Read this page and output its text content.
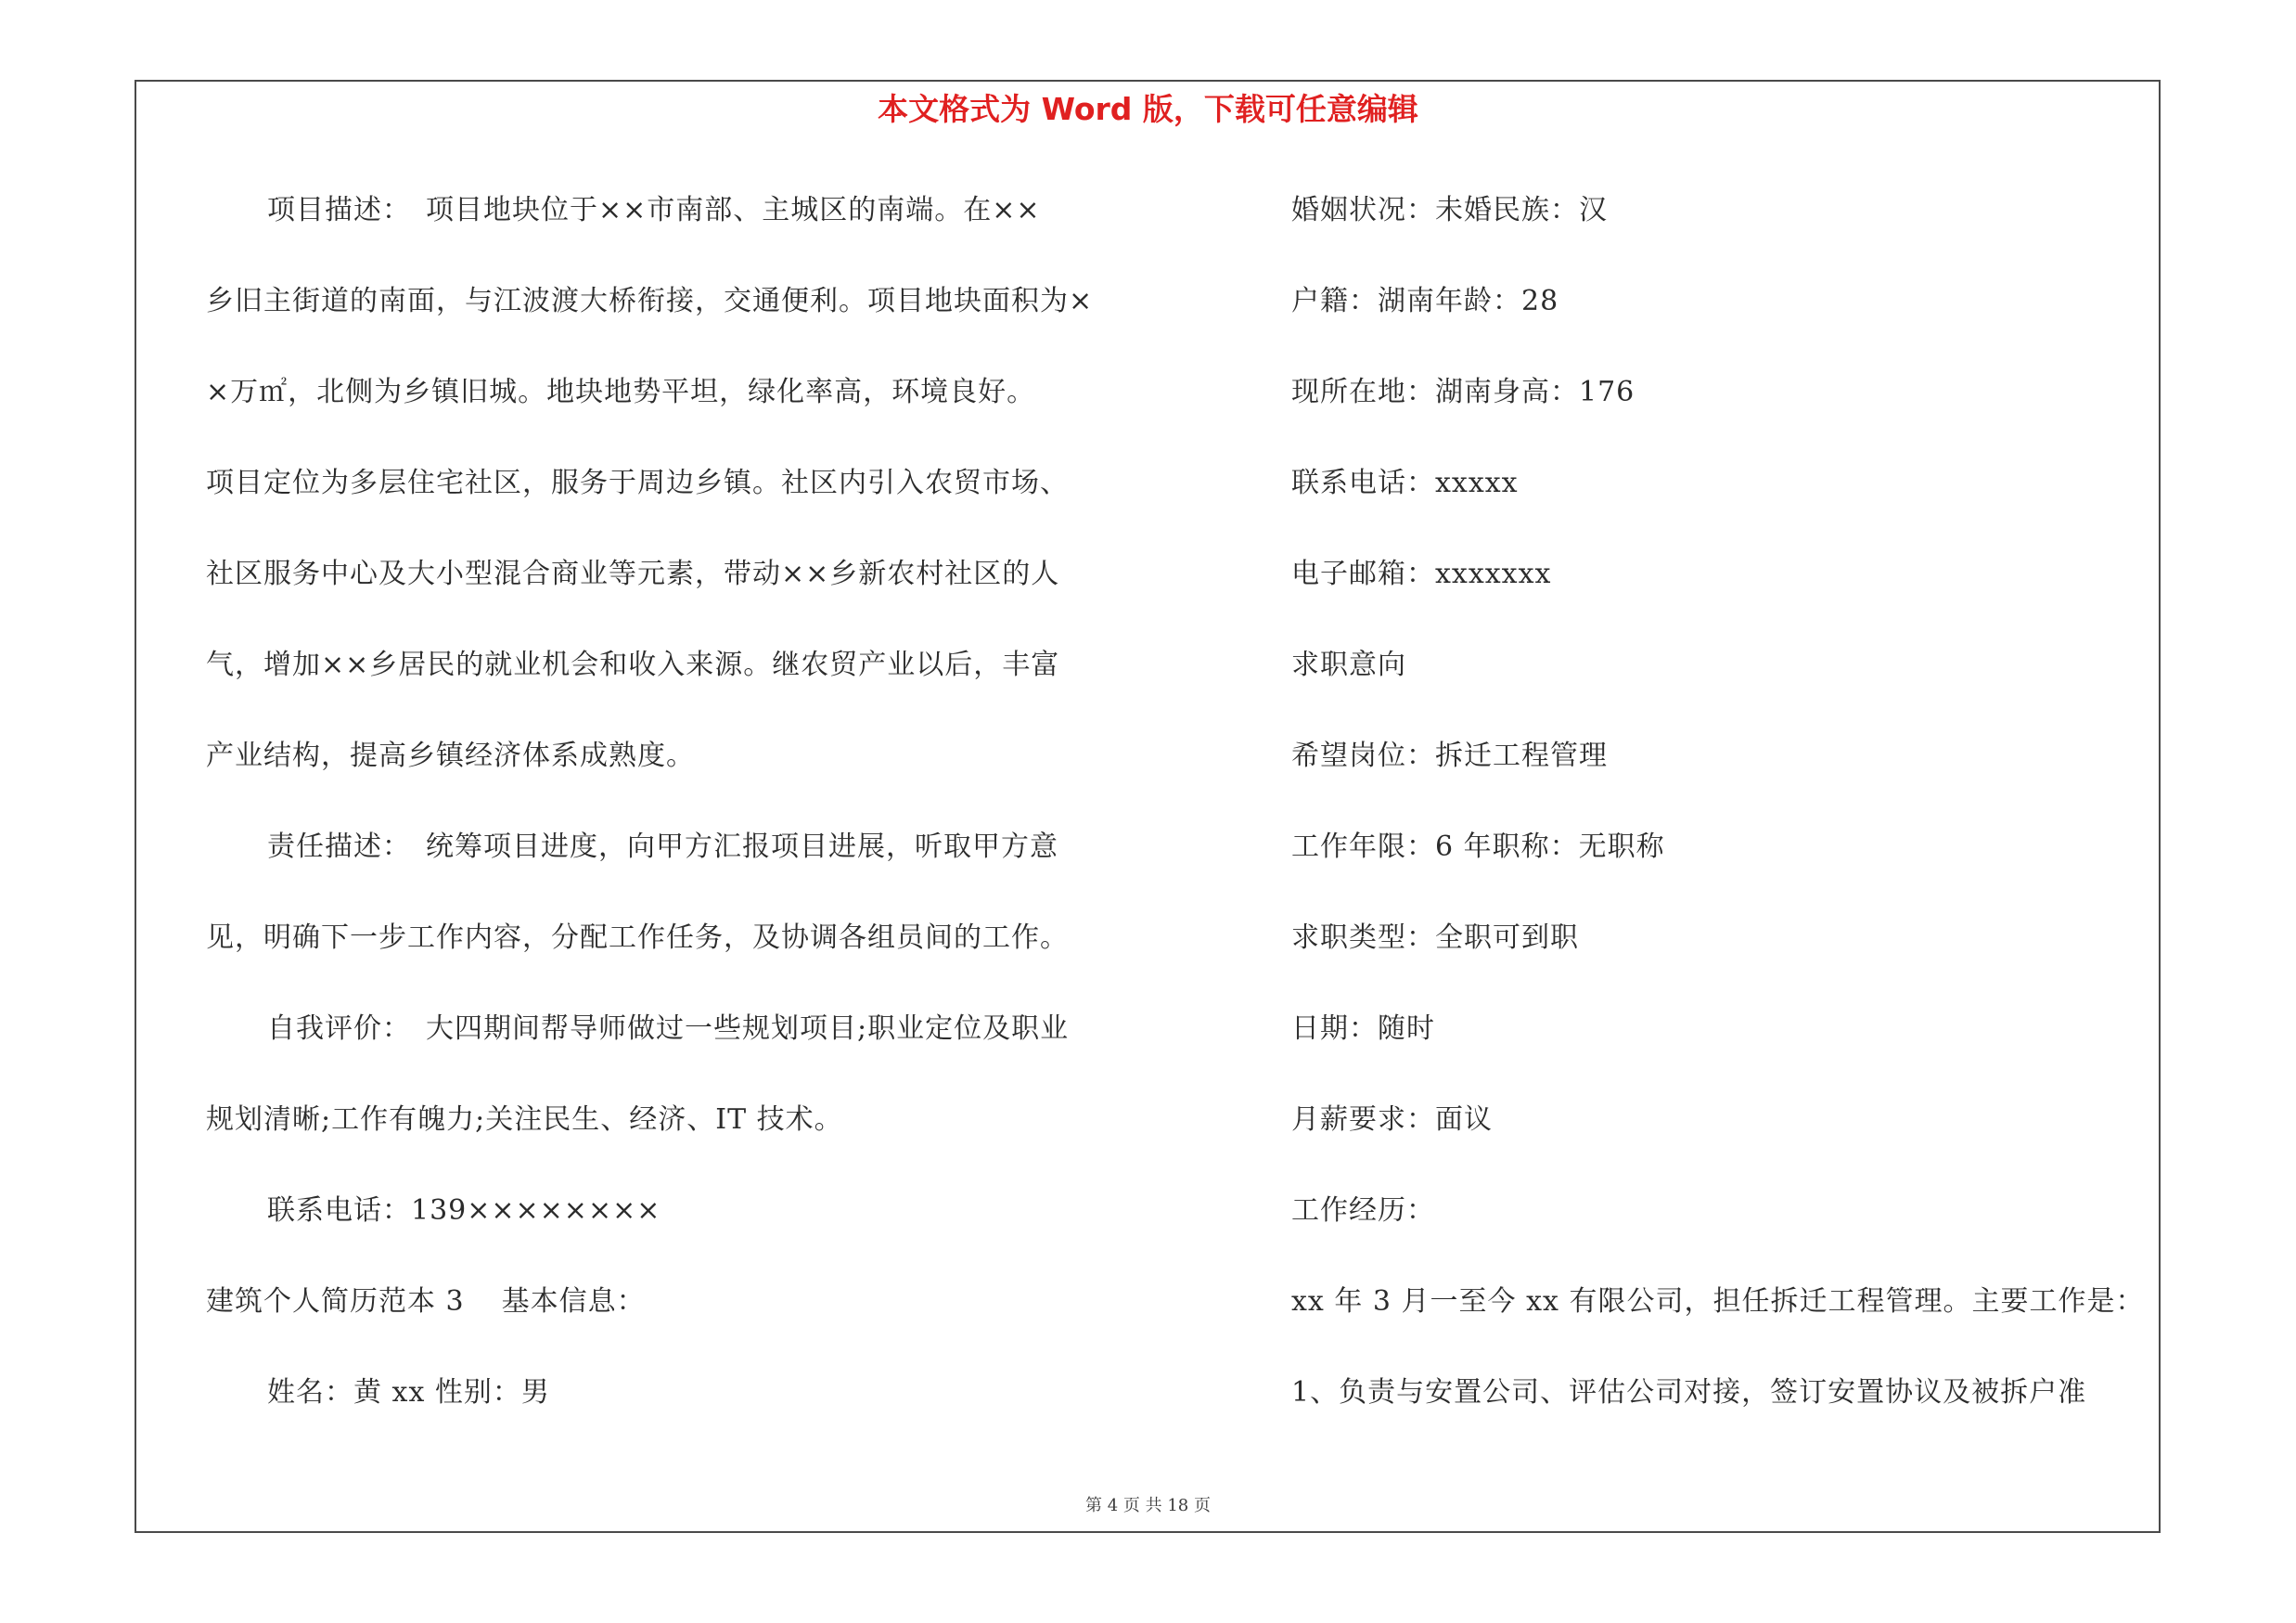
本文格式为 Word 版，下载可任意编辑
项目描述： 项目地块位于××市南部、主城区的南端。在××
乡旧主街道的南面，与江波渡大桥衔接，交通便利。项目地块面积为×
×万㎡，北侧为乡镇旧城。地块地势平坦，绿化率高，环境良好。
项目定位为多层住宅社区，服务于周边乡镇。社区内引入农贸市场、
社区服务中心及大小型混合商业等元素，带动××乡新农村社区的人
气，增加××乡居民的就业机会和收入来源。继农贸产业以后，丰富
产业结构，提高乡镇经济体系成熟度。
责任描述： 统筹项目进度，向甲方汇报项目进展，听取甲方意
见，明确下一步工作内容，分配工作任务，及协调各组员间的工作。
自我评价： 大四期间帮导师做过一些规划项目;职业定位及职业
规划清晰;工作有魄力;关注民生、经济、IT 技术。
联系电话：139××××××××
建筑个人简历范本 3 基本信息：
姓名：黄 xx 性别：男
婚姻状况：未婚民族：汉
户籍：湖南年龄：28
现所在地：湖南身高：176
联系电话：xxxxx
电子邮箱：xxxxxxx
求职意向
希望岗位：拆迁工程管理
工作年限：6 年职称：无职称
求职类型：全职可到职
日期：随时
月薪要求：面议
工作经历：
xx 年 3 月一至今 xx 有限公司，担任拆迁工程管理。主要工作是：
1、负责与安置公司、评估公司对接，签订安置协议及被拆户准
第 4 页 共 18 页
